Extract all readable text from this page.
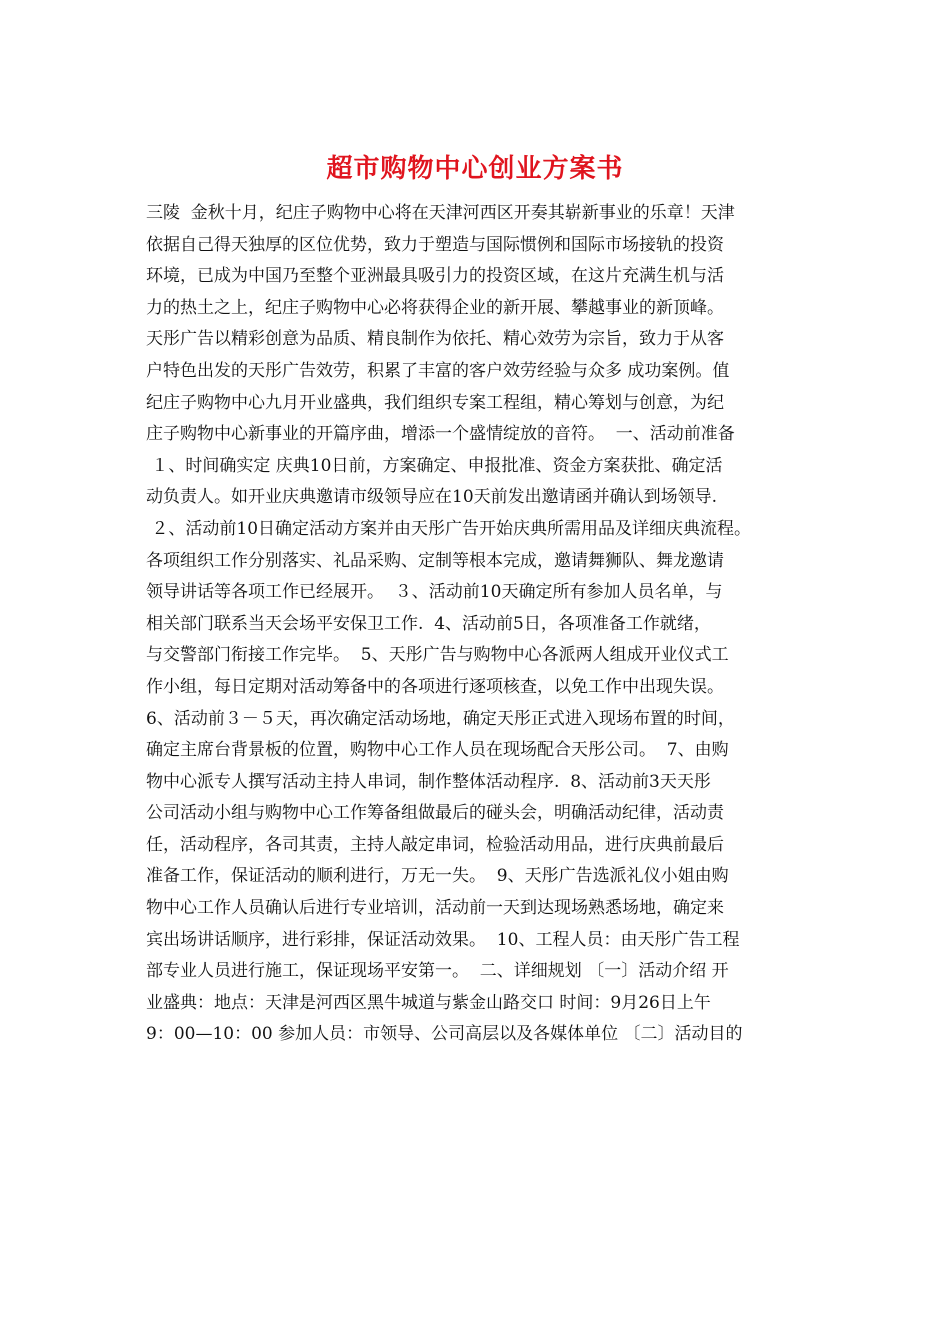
超市购物中心创业方案书
三陵  金秋十月，纪庄子购物中心将在天津河西区开奏其崭新事业的乐章！天津
依据自己得天独厚的区位优势，致力于塑造与国际惯例和国际市场接轨的投资
环境，已成为中国乃至整个亚洲最具吸引力的投资区域，在这片充满生机与活
力的热土之上，纪庄子购物中心必将获得企业的新开展、攀越事业的新顶峰。
天彤广告以精彩创意为品质、精良制作为依托、精心效劳为宗旨，致力于从客
户特色出发的天彤广告效劳，积累了丰富的客户效劳经验与众多 成功案例。值
纪庄子购物中心九月开业盛典，我们组织专案工程组，精心筹划与创意，为纪
庄子购物中心新事业的开篇序曲，增添一个盛情绽放的音符。  一、活动前准备
１、时间确实定 庆典10日前，方案确定、申报批准、资金方案获批、确定活
动负责人。如开业庆典邀请市级领导应在10天前发出邀请函并确认到场领导.
２、活动前10日确定活动方案并由天彤广告开始庆典所需用品及详细庆典流程。
各项组织工作分别落实、礼品采购、定制等根本完成，邀请舞狮队、舞龙邀请
领导讲话等各项工作已经展开。  ３、活动前10天确定所有参加人员名单，与
相关部门联系当天会场平安保卫工作.  4、活动前5日，各项准备工作就绪，
与交警部门衔接工作完毕。  5、天彤广告与购物中心各派两人组成开业仪式工
作小组，每日定期对活动筹备中的各项进行逐项核查，以免工作中出现失误。
6、活动前３－５天，再次确定活动场地，确定天彤正式进入现场布置的时间，
确定主席台背景板的位置，购物中心工作人员在现场配合天彤公司。  7、由购
物中心派专人撰写活动主持人串词，制作整体活动程序.  8、活动前3天天彤
公司活动小组与购物中心工作筹备组做最后的碰头会，明确活动纪律，活动责
任，活动程序，各司其责，主持人敲定串词，检验活动用品，进行庆典前最后
准备工作，保证活动的顺利进行，万无一失。  9、天彤广告选派礼仪小姐由购
物中心工作人员确认后进行专业培训，活动前一天到达现场熟悉场地，确定来
宾出场讲话顺序，进行彩排，保证活动效果。  10、工程人员：由天彤广告工程
部专业人员进行施工，保证现场平安第一。  二、详细规划 〔一〕活动介绍 开
业盛典：地点：天津是河西区黑牛城道与紫金山路交口 时间：9月26日上午
9：00—10：00 参加人员：市领导、公司高层以及各媒体单位 〔二〕活动目的
